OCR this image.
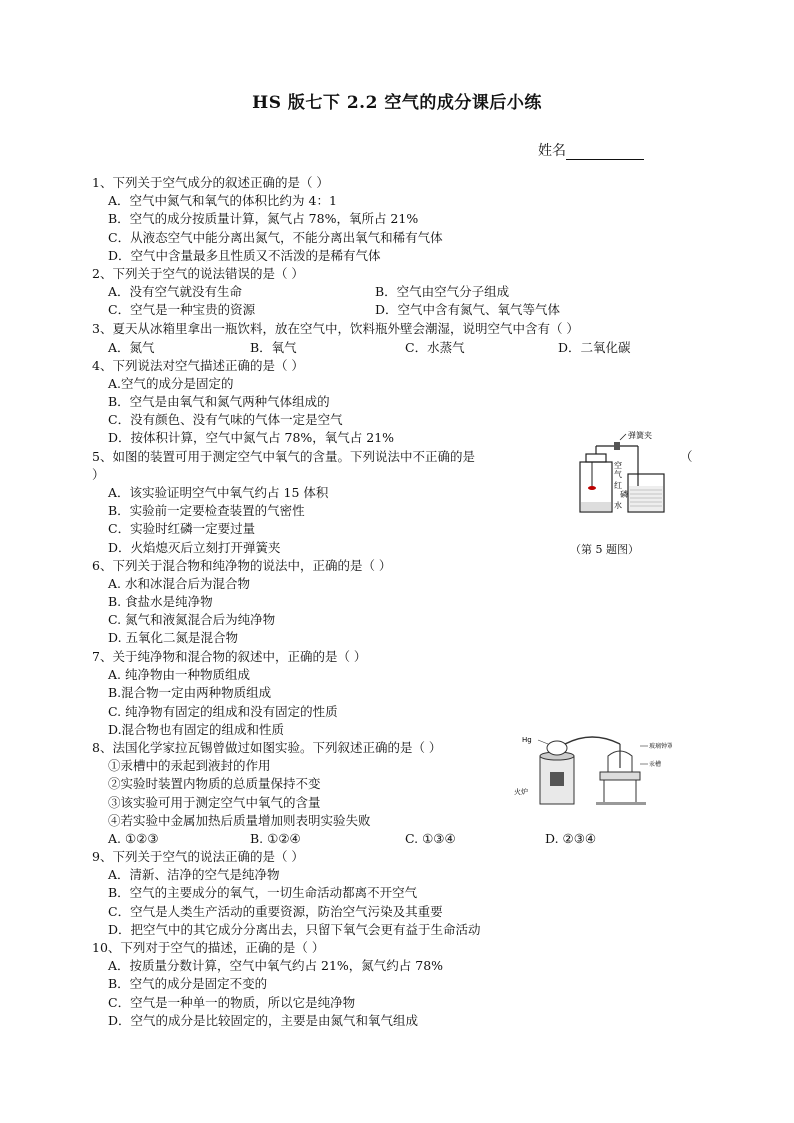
HS 版七下 2.2 空气的成分课后小练
姓名
1、下列关于空气成分的叙述正确的是（ ）
A．空气中氮气和氧气的体积比约为 4：1
B．空气的成分按质量计算，氮气占 78%，氧所占 21%
C．从液态空气中能分离出氮气，不能分离出氧气和稀有气体
D．空气中含量最多且性质又不活泼的是稀有气体
2、下列关于空气的说法错误的是（ ）
A．没有空气就没有生命	B．空气由空气分子组成
C．空气是一种宝贵的资源	D．空气中含有氮气、氧气等气体
3、夏天从冰箱里拿出一瓶饮料，放在空气中，饮料瓶外壁会潮湿，说明空气中含有（ ）
A．氮气	B．氧气	C．水蒸气	D．二氧化碳
4、下列说法对空气描述正确的是（ ）
A.空气的成分是固定的
B．空气是由氧气和氮气两种气体组成的
C．没有颜色、没有气味的气体一定是空气
D．按体积计算，空气中氮气占 78%，氧气占 21%
5、如图的装置可用于测定空气中氧气的含量。下列说法中不正确的是	（
）
A．该实验证明空气中氧气约占 15 体积
B．实验前一定要检查装置的气密性
C．实验时红磷一定要过量
D．火焰熄灭后立刻打开弹簧夹
弹簧夹
空
气
红
磷
水
（第 5 题图）
6、下列关于混合物和纯净物的说法中，正确的是（ ）
A. 水和冰混合后为混合物
B. 食盐水是纯净物
C. 氮气和液氮混合后为纯净物
D. 五氧化二氮是混合物
7、关于纯净物和混合物的叙述中，正确的是（ ）
A. 纯净物由一种物质组成
B.混合物一定由两种物质组成
C. 纯净物有固定的组成和没有固定的性质
D.混合物也有固定的组成和性质
8、法国化学家拉瓦锡曾做过如图实验。下列叙述正确的是（ ）
①汞槽中的汞起到液封的作用
②实验时装置内物质的总质量保持不变
③该实验可用于测定空气中氧气的含量
④若实验中金属加热后质量增加则表明实验失败
A. ①②③	B. ①②④	C. ①③④	D. ②③④
Hg
玻璃钟罩
汞槽
火炉
9、下列关于空气的说法正确的是（ ）
A．清新、洁净的空气是纯净物
B．空气的主要成分的氧气，一切生命活动都离不开空气
C．空气是人类生产活动的重要资源，防治空气污染及其重要
D．把空气中的其它成分分离出去，只留下氧气会更有益于生命活动
10、下列对于空气的描述，正确的是（ ）
A．按质量分数计算，空气中氧气约占 21%，氮气约占 78%
B．空气的成分是固定不变的
C．空气是一种单一的物质，所以它是纯净物
D．空气的成分是比较固定的，主要是由氮气和氧气组成
